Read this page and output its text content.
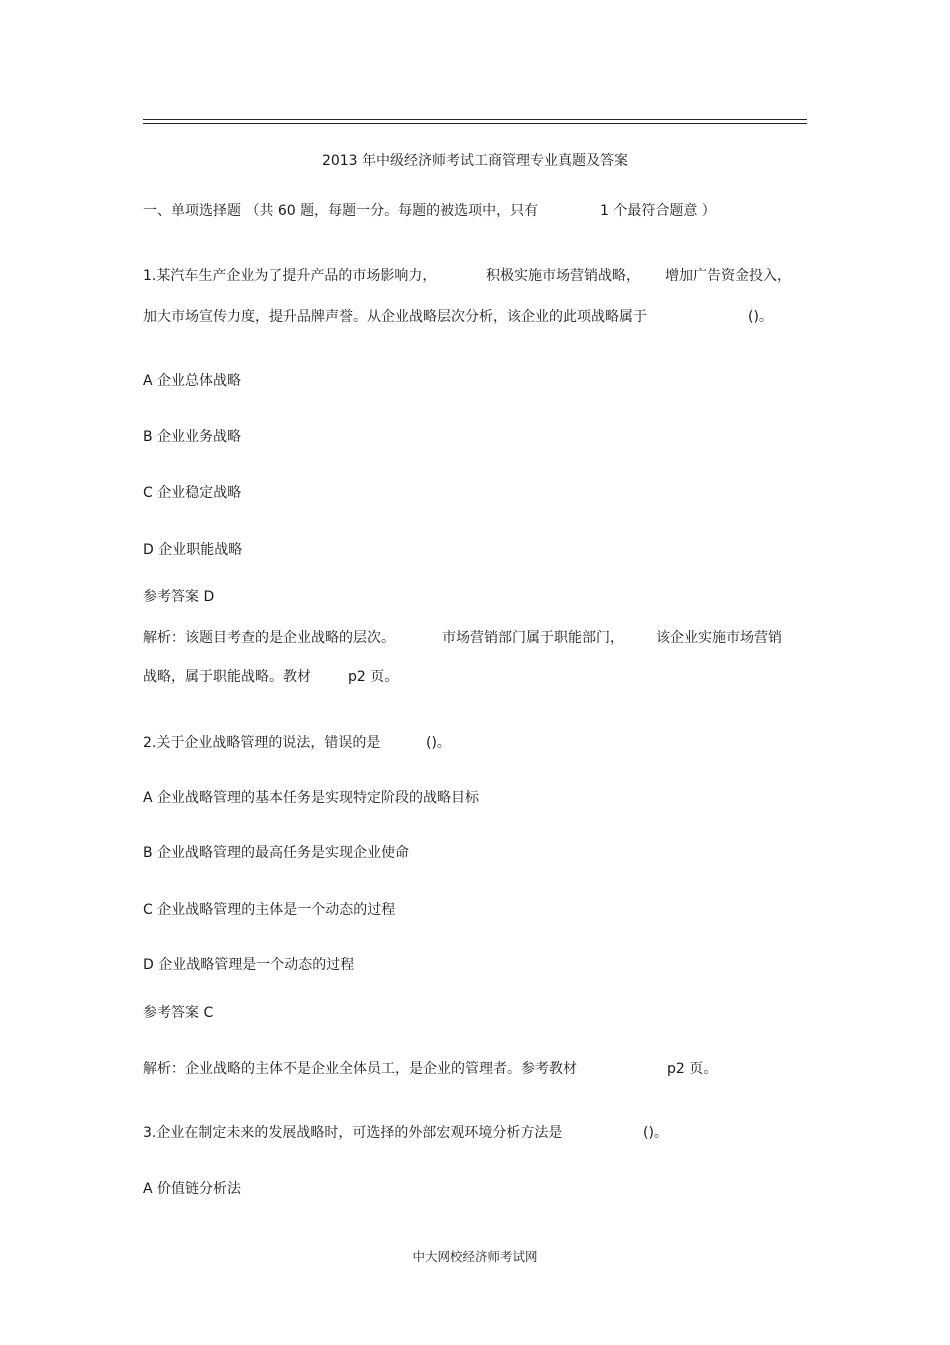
2013 年中级经济师考试工商管理专业真题及答案

一、单项选择题 （共 60 题，每题一分。每题的被选项中，只有

	1 个最符合题意 ）

1.某汽车生产企业为了提升产品的市场影响力，

	积极实施市场营销战略，

增加广告资金投入，

加大市场宣传力度，提升品牌声誉。从企业战略层次分析，该企业的此项战略属于

	()。

A 企业总体战略
B 企业业务战略
C 企业稳定战略
D 企业职能战略
参考答案 D

解析：该题目考查的是企业战略的层次。

	市场营销部门属于职能部门，

该企业实施市场营销

战略，属于职能战略。教材

	p2 页。

2.关于企业战略管理的说法，错误的是

	()。

A 企业战略管理的基本任务是实现特定阶段的战略目标
B 企业战略管理的最高任务是实现企业使命
C 企业战略管理的主体是一个动态的过程
D 企业战略管理是一个动态的过程
参考答案 C

解析：企业战略的主体不是企业全体员工，是企业的管理者。参考教材

	p2 页。

3.企业在制定未来的发展战略时，可选择的外部宏观环境分析方法是

	()。

A 价值链分析法
中大网校经济师考试网
